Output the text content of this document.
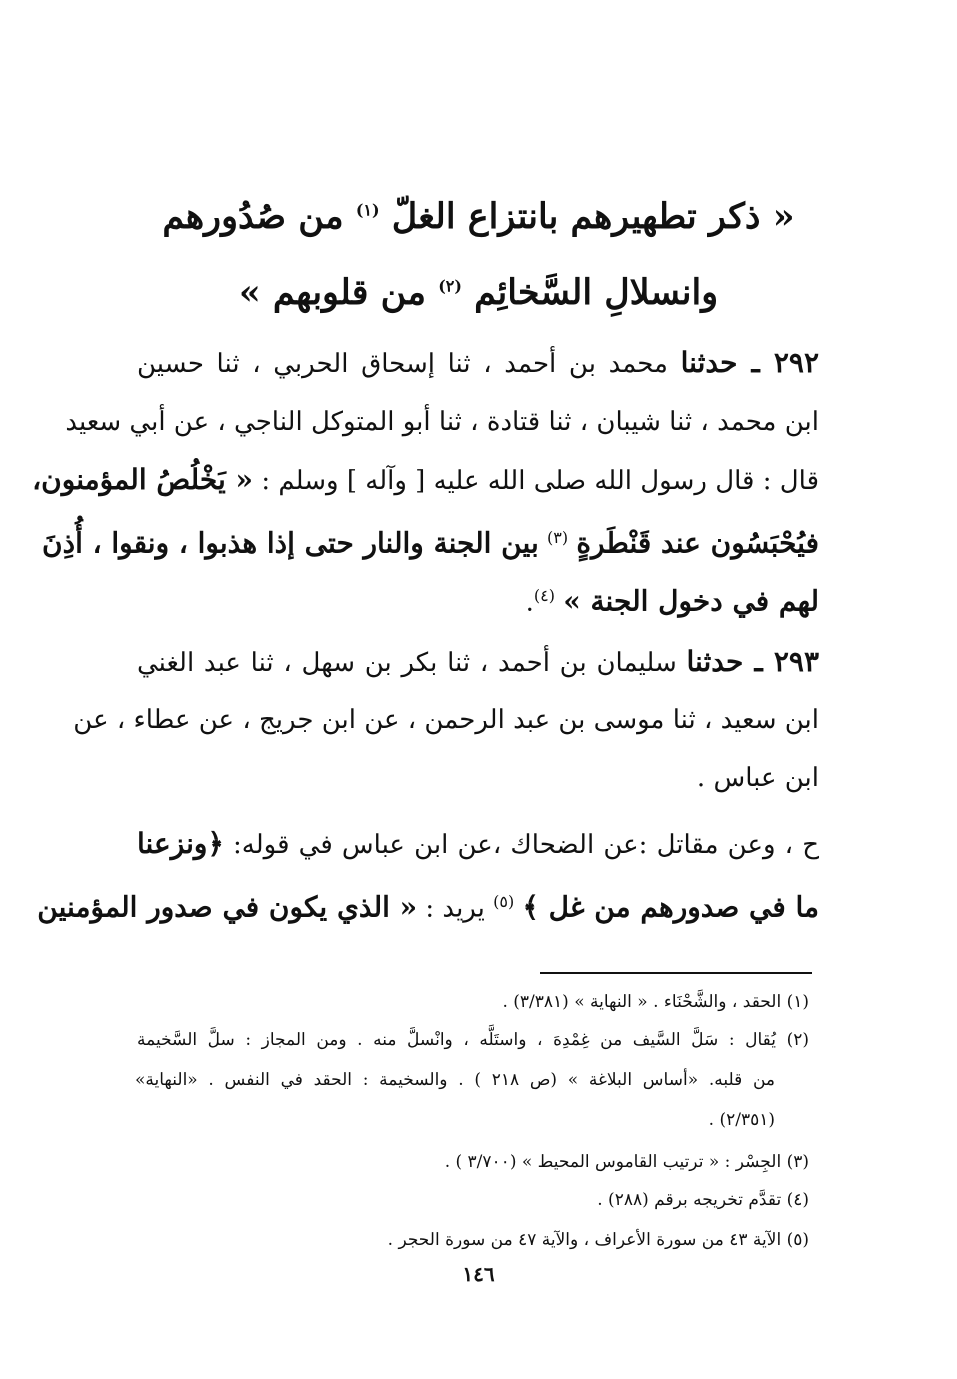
« ذكر تطهيرهم بانتزاع الغلّ $^{(١)}$ من صُدُورهم
وانسلالِ السَّخائِم $^{(٢)}$ من قلوبهم »
٢٩٢ ـ حدثنا محمد بن أحمد ، ثنا إسحاق الحربي ، ثنا حسين
ابن محمد ، ثنا شيبان ، ثنا قتادة ، ثنا أبو المتوكل الناجي ، عن أبي سعيد
قال : قال رسول الله صلى الله عليه [ وآله ] وسلم : « يَخْلُصُ المؤمنون،
فيُحْبَسُون عند قَنْطَرةٍ $^{(٣)}$ بين الجنة والنار حتى إذا هذبوا ، ونقوا ، أُذِنَ
لهم في دخول الجنة » $^{(٤)}$.
٢٩٣ ـ حدثنا سليمان بن أحمد ، ثنا بكر بن سهل ، ثنا عبد الغني
ابن سعيد ، ثنا موسى بن عبد الرحمن ، عن ابن جريج ، عن عطاء ، عن
ابن عباس .
ح ، وعن مقاتل :عن الضحاك ،عن ابن عباس في قوله: ﴿ونزعنا
ما في صدورهم من غل ﴾ $^{(٥)}$ يريد : « الذي يكون في صدور المؤمنين
(١) الحقد ، والشَّحْنَاء . « النهاية » (٣/٣٨١) .
(٢) يُقال : سَلَّ السَّيف من غِمْدِهَ ، واستَلَّه ، وانْسلَّ منه . ومن المجاز : سلَّ السَّخيمة
من قلبه. «أساس البلاغة » (ص ٢١٨ ) . والسخيمة : الحقد في النفس . «النهاية»
(٢/٣٥١) .
(٣) الجِسْر : « ترتيب القاموس المحيط » (٣/٧٠٠ ) .
(٤) تقدَّم تخريجه برقم (٢٨٨) .
(٥) الآية ٤٣ من سورة الأعراف ، والآية ٤٧ من سورة الحجر .
١٤٦
